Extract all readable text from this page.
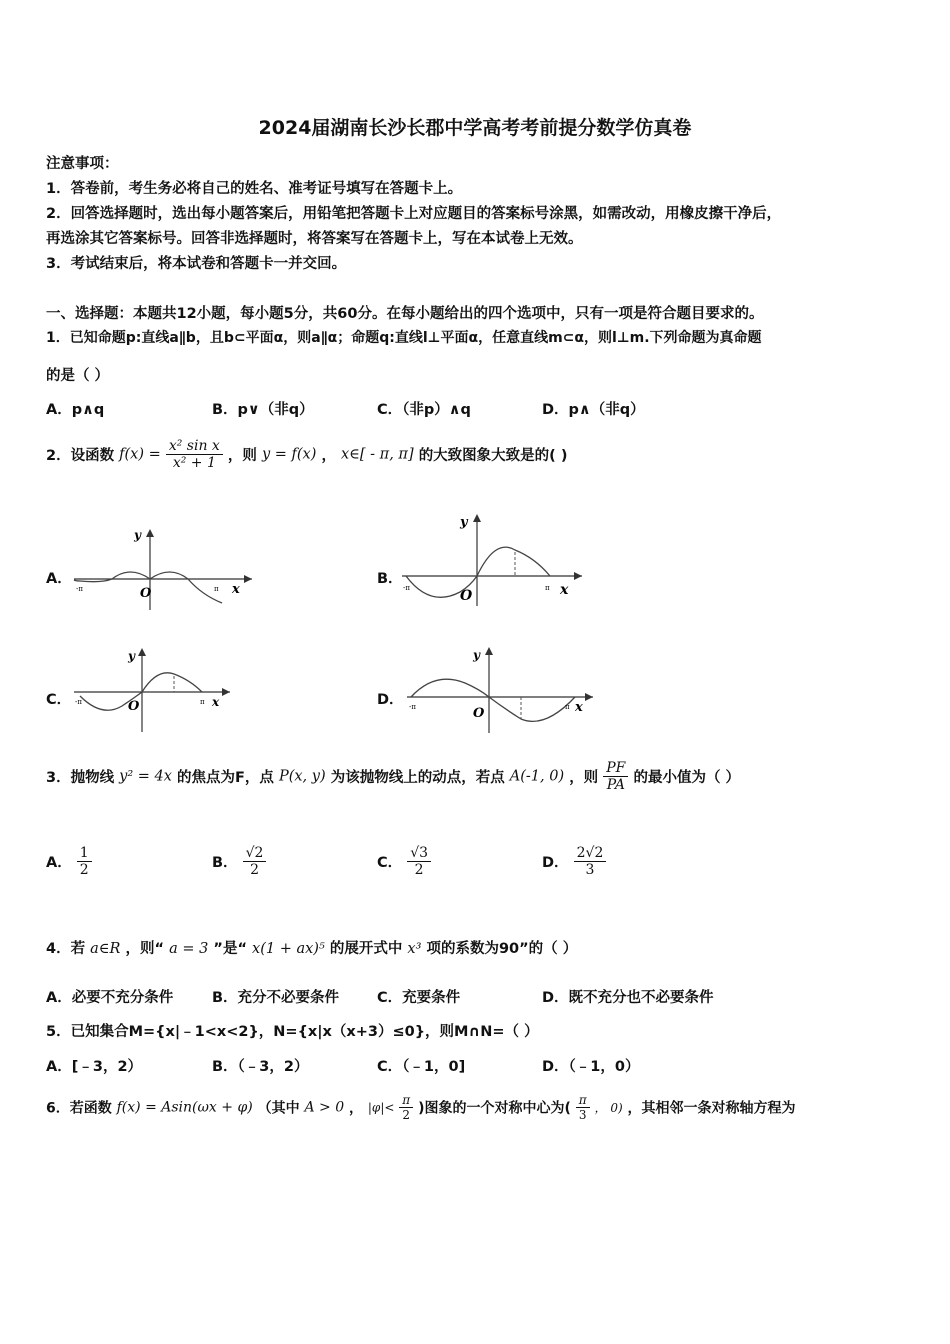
2024届湖南长沙长郡中学高考考前提分数学仿真卷
注意事项：
1．答卷前，考生务必将自己的姓名、准考证号填写在答题卡上。
2．回答选择题时，选出每小题答案后，用铅笔把答题卡上对应题目的答案标号涂黑，如需改动，用橡皮擦干净后，
再选涂其它答案标号。回答非选择题时，将答案写在答题卡上，写在本试卷上无效。
3．考试结束后，将本试卷和答题卡一并交回。
一、选择题：本题共12小题，每小题5分，共60分。在每小题给出的四个选项中，只有一项是符合题目要求的。
1．已知命题p:直线a∥b，且b⊂平面α，则a∥α；命题q:直线l⊥平面α，任意直线m⊂α，则l⊥m.下列命题为真命题
的是（ ）
A．p∧q	B．p∨（非q）	C．（非p）∧q	D．p∧（非q）
2．设函数 $f(x) = \frac{\text{x² sin x}}{\text{x² + 1}}$ ，则 y = f(x) ， x∈[ - π, π] 的大致图象大致是的( )
A．	B．
C．	D．
y
O	x
-π	π
y
O	x
-π	π
y
O	x
-π	π
y
O	x
-π	π
3．抛物线 y² = 4x 的焦点为F，点 P(x, y) 为该抛物线上的动点，若点 A(-1, 0) ，则 $\frac{PF}{PA}$ 的最小值为（ ）
A． $\frac{1}{2}$	B． $\frac{√2}{2}$	C． $\frac{√3}{2}$	D． $\frac{2√2}{3}$
4．若 a∈R ，则“ a = 3 ”是“ x(1 + ax)⁵ 的展开式中 x³ 项的系数为90”的（ ）
A．必要不充分条件	B．充分不必要条件	C．充要条件	D．既不充分也不必要条件
5．已知集合M={x|﹣1<x<2}，N={x|x（x+3）≤0}，则M∩N=（ ）
A．[﹣3，2）	B．（﹣3，2）	C．（﹣1，0]	D．（﹣1，0）
6．若函数 f(x) = Asin(ωx + φ) （其中 A > 0 ， $|\varphi|< \frac{\pi}{2}$ )图象的一个对称中心为( $\frac{\pi}{3}$ ， 0) ，其相邻一条对称轴方程为
